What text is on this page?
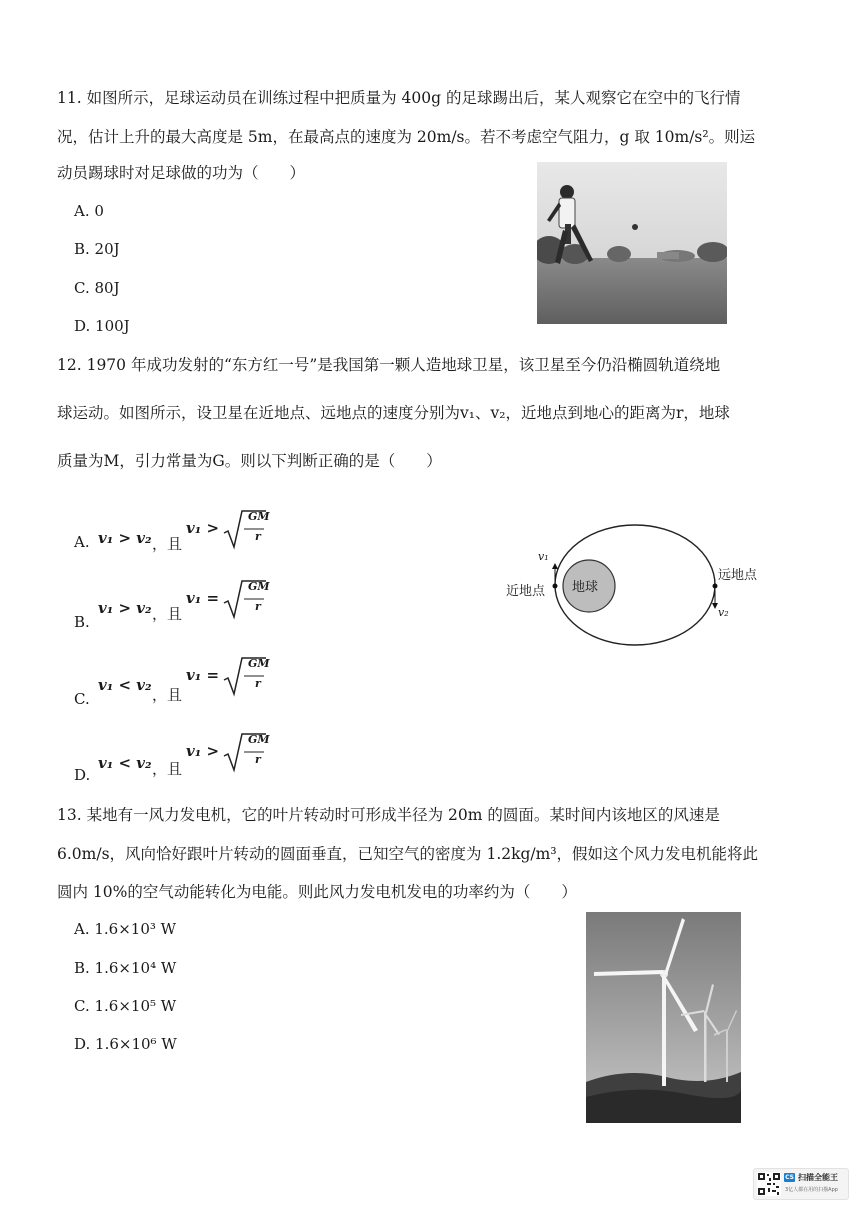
11. 如图所示，足球运动员在训练过程中把质量为 400g 的足球踢出后，某人观察它在空中的飞行情
况，估计上升的最大高度是 5m，在最高点的速度为 20m/s。若不考虑空气阻力，g 取 10m/s²。则运
动员踢球时对足球做的功为（　　）
A. 0
B. 20J
C. 80J
D. 100J
12. 1970 年成功发射的“东方红一号”是我国第一颗人造地球卫星，该卫星至今仍沿椭圆轨道绕地
球运动。如图所示，设卫星在近地点、远地点的速度分别为v₁、v₂，近地点到地心的距离为r，地球
质量为M，引力常量为G。则以下判断正确的是（　　）
A. v₁ > v₂ ，且
v₁ >
GM
r
B.
v₁ > v₂ ，且
v₁ =
GM
r
C.
v₁ < v₂
，且
v₁ =
GM
r
D.
v₁ < v₂ ，且
v₁ >
GM
r
地球
近地点
远地点
v₁
v₂
13. 某地有一风力发电机，它的叶片转动时可形成半径为 20m 的圆面。某时间内该地区的风速是
6.0m/s，风向恰好跟叶片转动的圆面垂直，已知空气的密度为 1.2kg/m³，假如这个风力发电机能将此
圆内 10%的空气动能转化为电能。则此风力发电机发电的功率约为（　　）
A. 1.6×10³ W
B. 1.6×10⁴ W
C. 1.6×10⁵ W
D. 1.6×10⁶ W
CS 扫描全能王
3亿人都在用的扫描App
